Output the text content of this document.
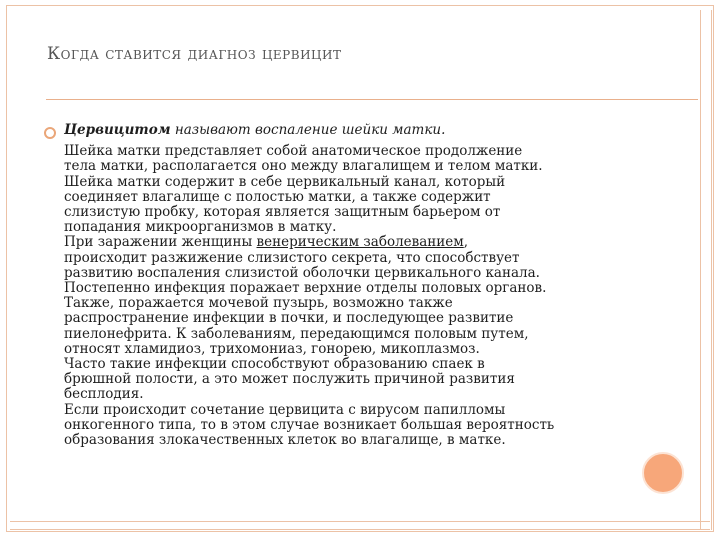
Когда ставится диагноз цервицит
Цервицитом называют воспаление шейки матки.
Шейка матки представляет собой анатомическое продолжение
тела матки, располагается оно между влагалищем и телом матки.
Шейка матки содержит в себе цервикальный канал, который
соединяет влагалище с полостью матки, а также содержит
слизистую пробку, которая является защитным барьером от
попадания микроорганизмов в матку.
При заражении женщины венерическим заболеванием,
происходит разжижение слизистого секрета, что способствует
развитию воспаления слизистой оболочки цервикального канала.
Постепенно инфекция поражает верхние отделы половых органов.
Также, поражается мочевой пузырь, возможно также
распространение инфекции в почки, и последующее развитие
пиелонефрита. К заболеваниям, передающимся половым путем,
относят хламидиоз, трихомониаз, гонорею, микоплазмоз.
Часто такие инфекции способствуют образованию спаек в
брюшной полости, а это может послужить причиной развития
бесплодия.
Если происходит сочетание цервицита с вирусом папилломы
онкогенного типа, то в этом случае возникает большая вероятность
образования злокачественных клеток во влагалище, в матке.
